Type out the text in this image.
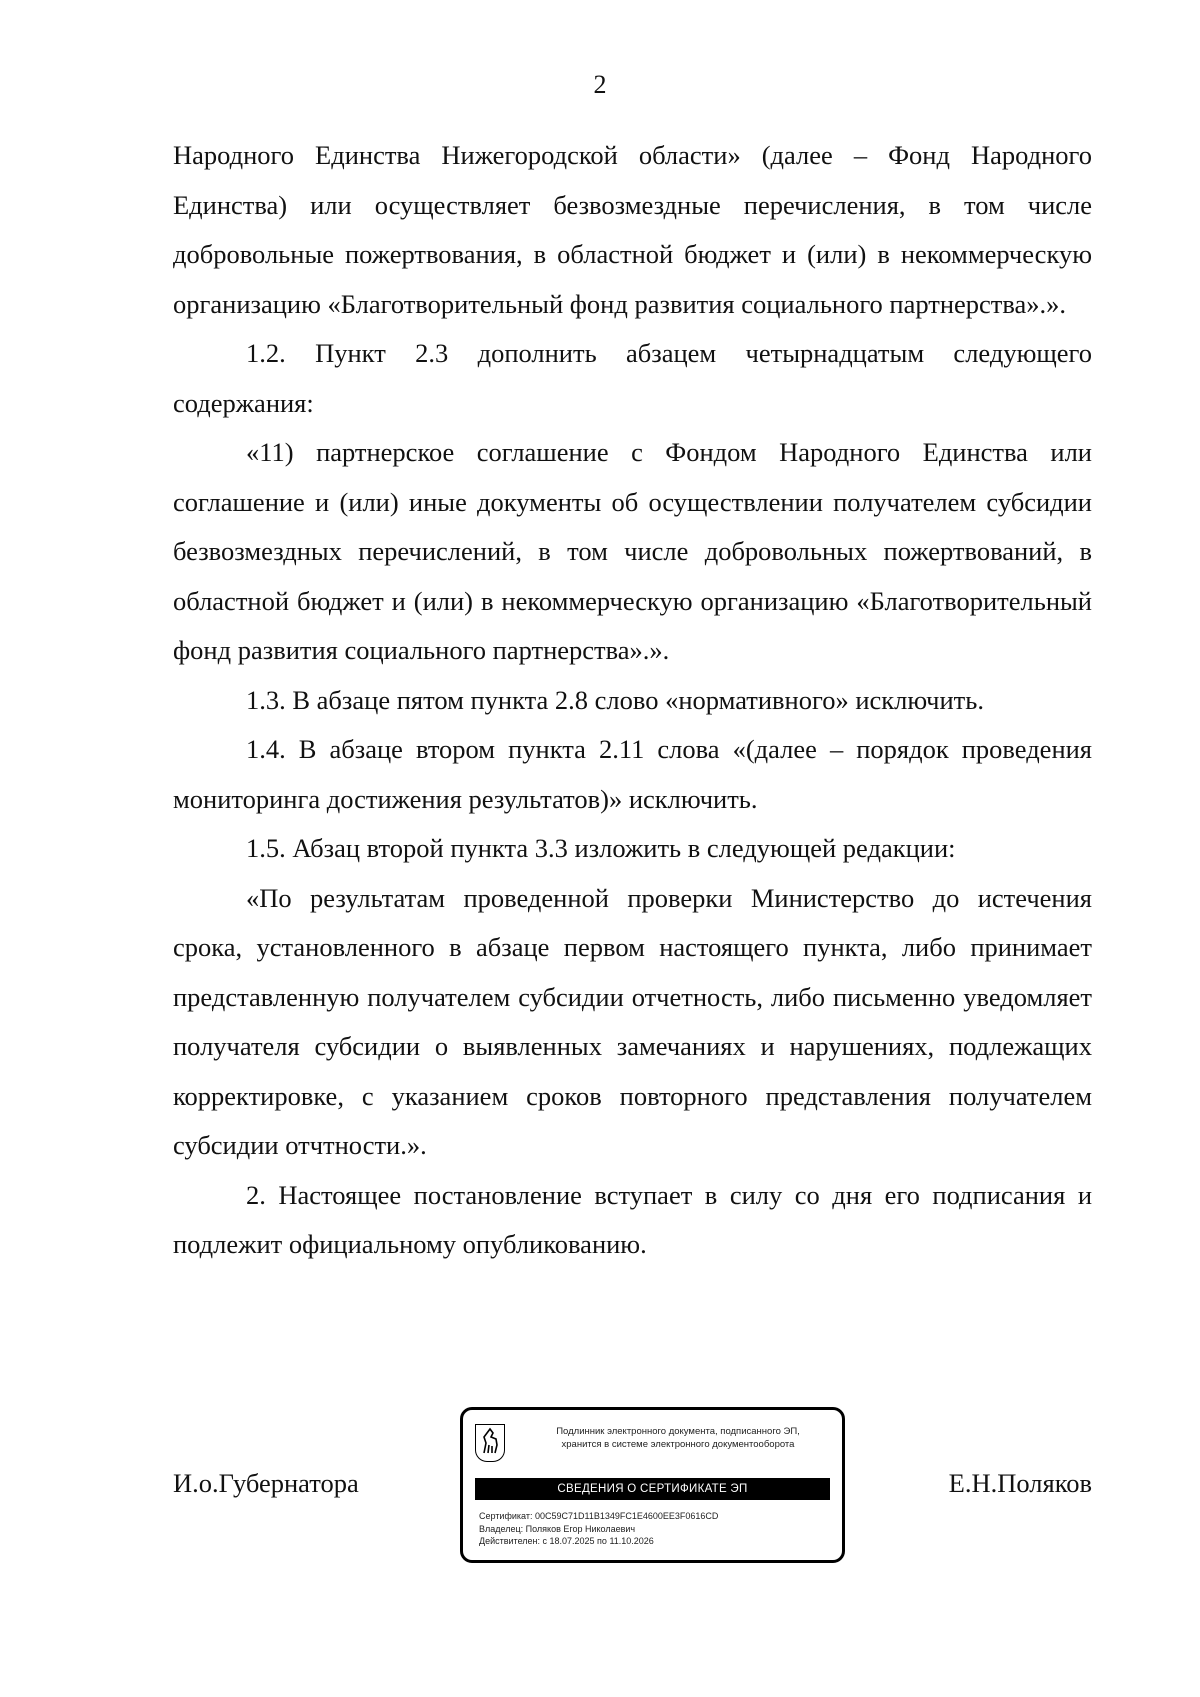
2

Народного Единства Нижегородской области» (далее – Фонд Народного Единства) или осуществляет безвозмездные перечисления, в том числе добровольные пожертвования, в областной бюджет и (или) в некоммерческую организацию «Благотворительный фонд развития социального партнерства».».

1.2. Пункт 2.3 дополнить абзацем четырнадцатым следующего содержания:

«11) партнерское соглашение с Фондом Народного Единства или соглашение и (или) иные документы об осуществлении получателем субсидии безвозмездных перечислений, в том числе добровольных пожертвований, в областной бюджет и (или) в некоммерческую организацию «Благотворительный фонд развития социального партнерства».».

1.3. В абзаце пятом пункта 2.8 слово «нормативного» исключить.

1.4. В абзаце втором пункта 2.11 слова «(далее – порядок проведения мониторинга достижения результатов)» исключить.

1.5. Абзац второй пункта 3.3 изложить в следующей редакции:

«По результатам проведенной проверки Министерство до истечения срока, установленного в абзаце первом настоящего пункта, либо принимает представленную получателем субсидии отчетность, либо письменно уведомляет получателя субсидии о выявленных замечаниях и нарушениях, подлежащих корректировке, с указанием сроков повторного представления получателем субсидии отчтности.».

2. Настоящее постановление вступает в силу со дня его подписания и подлежит официальному опубликованию.

И.о.Губернатора	Е.Н.Поляков
Подлинник электронного документа, подписанного ЭП,
хранится в системе электронного документооборота
СВЕДЕНИЯ О СЕРТИФИКАТЕ ЭП
Сертификат: 00C59C71D11B1349FC1E4600EE3F0616CD
Владелец: Поляков Егор Николаевич
Действителен: с 18.07.2025 по 11.10.2026
